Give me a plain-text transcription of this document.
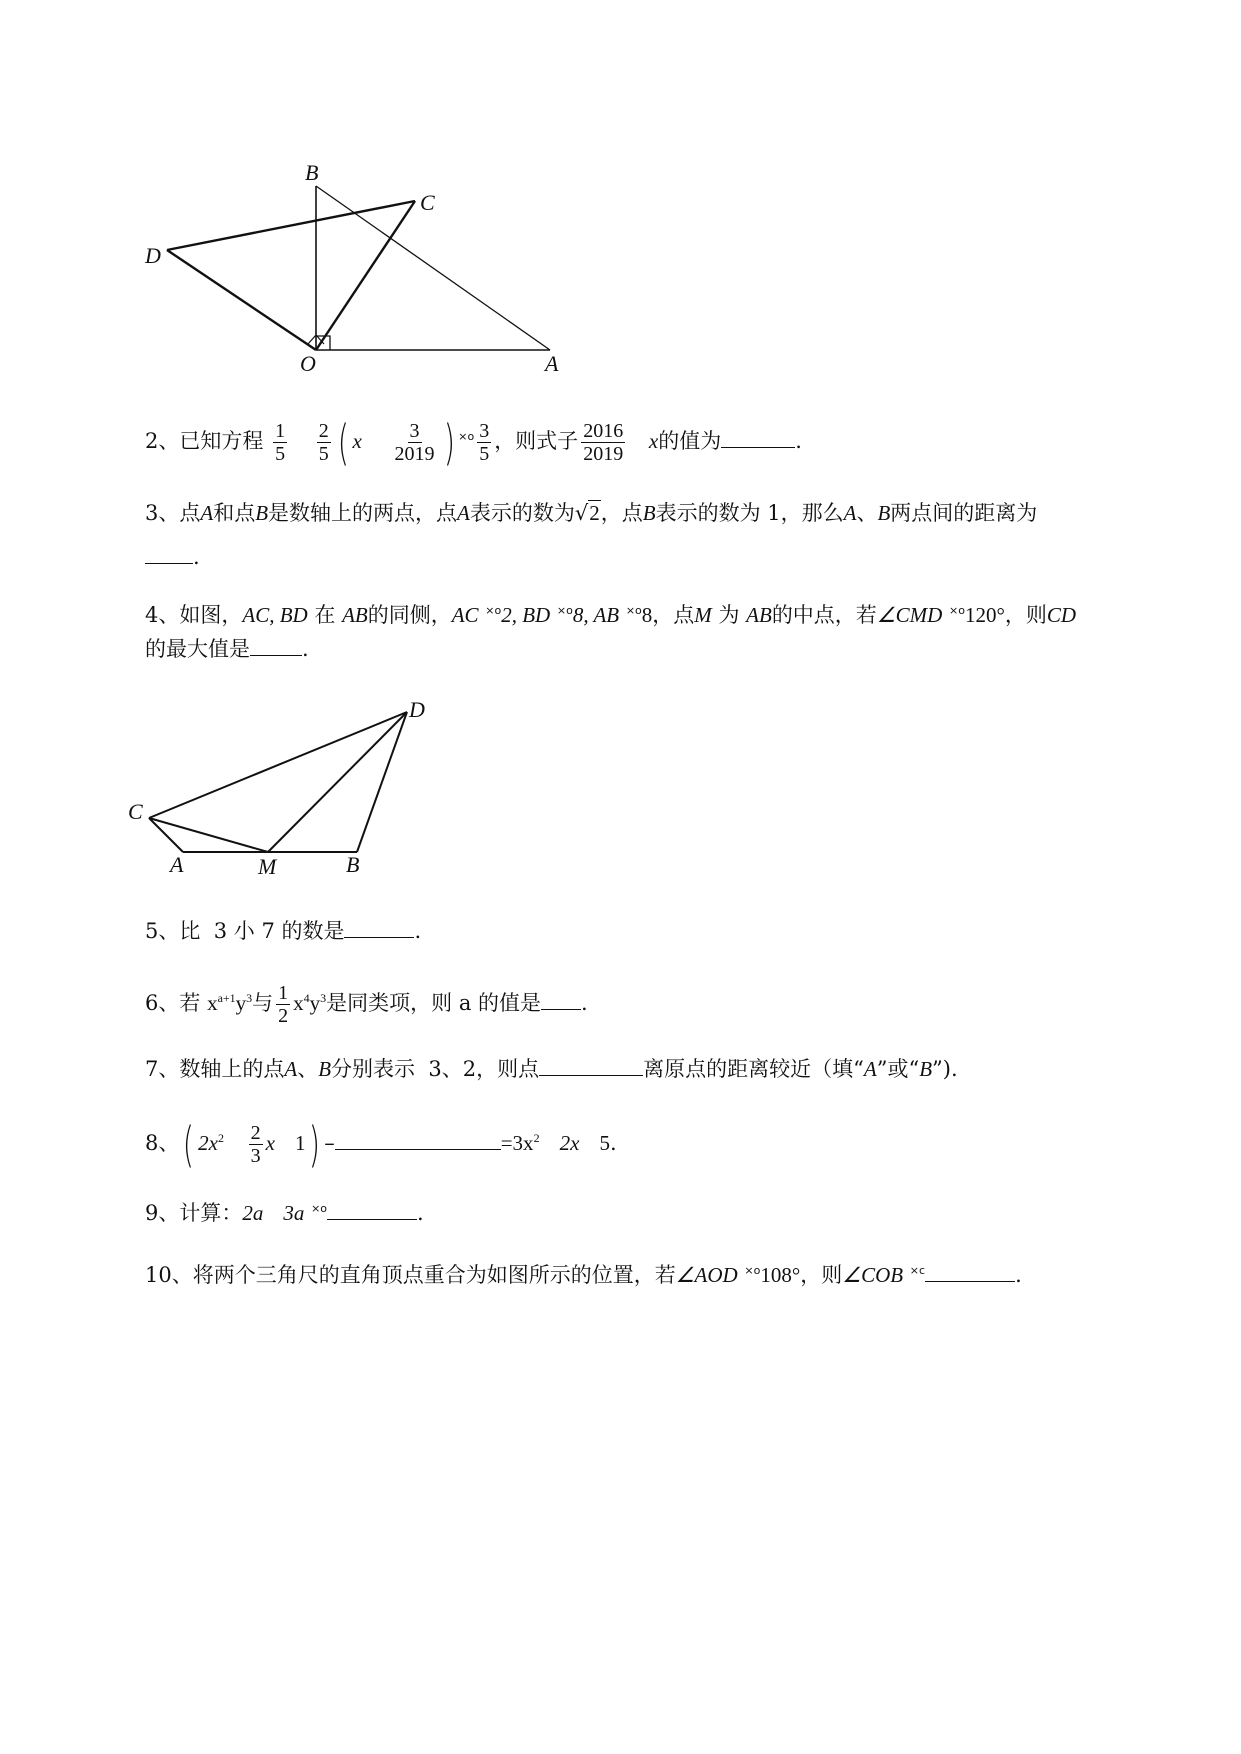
B
C
D
O	A
2、已知方程 $\frac{1}{5}$
$\frac{2}{5}$ ( x $\frac{3}{2019}$ ) $^{\times o} \frac{3}{5}$ ，则式子 $\frac{2016}{2019}$ x的值为	.
3、点A和点B是数轴上的两点，点A表示的数为√2，点B表示的数为 1，那么A、B两点间的距离为
.
4、如图，AC, BD 在 AB的同侧，AC $^{\times o}$2, BD $^{\times o}$8, AB $^{\times o}$8，点M 为 AB的中点，若∠CMD $^{\times o}$120°，则CD
的最大值是 .
D
C
A	M	B
5、比 3 小 7 的数是	.
6、若 $x^{a+1}y^3$与 $\frac{1}{2} x^4y^3$是同类项，则 a 的值是 .
7、数轴上的点A、B分别表示 3、2，则点	离原点的距离较近（填“A”或“B”).
8、( $2x^2 \frac{2}{3}$ x 1) –	$=3x^2$ 2x 5.
9、计算：2a 3a $^{\times o}$	.
10、将两个三角尺的直角顶点重合为如图所示的位置，若∠AOD $^{\times o}$108°，则∠COB $^{\times c}$	.
